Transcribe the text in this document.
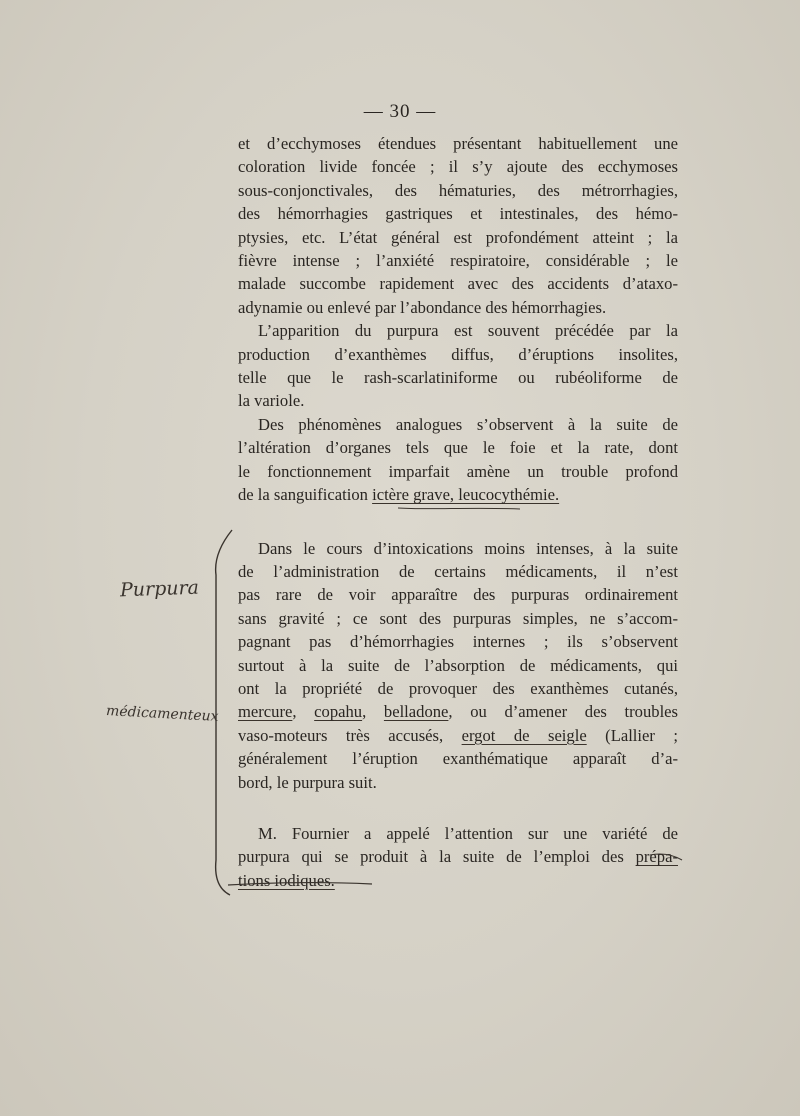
— 30 —

et d’ecchymoses étendues présentant habituellement une
coloration livide foncée ; il s’y ajoute des ecchymoses
sous-conjonctivales, des hématuries, des métrorrhagies,
des hémorrhagies gastriques et intestinales, des hémo-
ptysies, etc. L’état général est profondément atteint ; la
fièvre intense ; l’anxiété respiratoire, considérable ; le
malade succombe rapidement avec des accidents d’ataxo-
adynamie ou enlevé par l’abondance des hémorrhagies.

L’apparition du purpura est souvent précédée par la
production d’exanthèmes diffus, d’éruptions insolites,
telle que le rash-scarlatiniforme ou rubéoliforme de
la variole.

Des phénomènes analogues s’observent à la suite de
l’altération d’organes tels que le foie et la rate, dont
le fonctionnement imparfait amène un trouble profond
de la sanguification ictère grave, leucocythémie.

Dans le cours d’intoxications moins intenses, à la suite
de l’administration de certains médicaments, il n’est
pas rare de voir apparaître des purpuras ordinairement
sans gravité ; ce sont des purpuras simples, ne s’accom-
pagnant pas d’hémorrhagies internes ; ils s’observent
surtout à la suite de l’absorption de médicaments, qui
ont la propriété de provoquer des exanthèmes cutanés,
mercure, copahu, belladone, ou d’amener des troubles
vaso-moteurs très accusés, ergot de seigle (Lallier ;
généralement l’éruption exanthématique apparaît d’a-
bord, le purpura suit.

M. Fournier a appelé l’attention sur une variété de
purpura qui se produit à la suite de l’emploi des prépa-
tions iodiques.

Purpura
médicamenteux
